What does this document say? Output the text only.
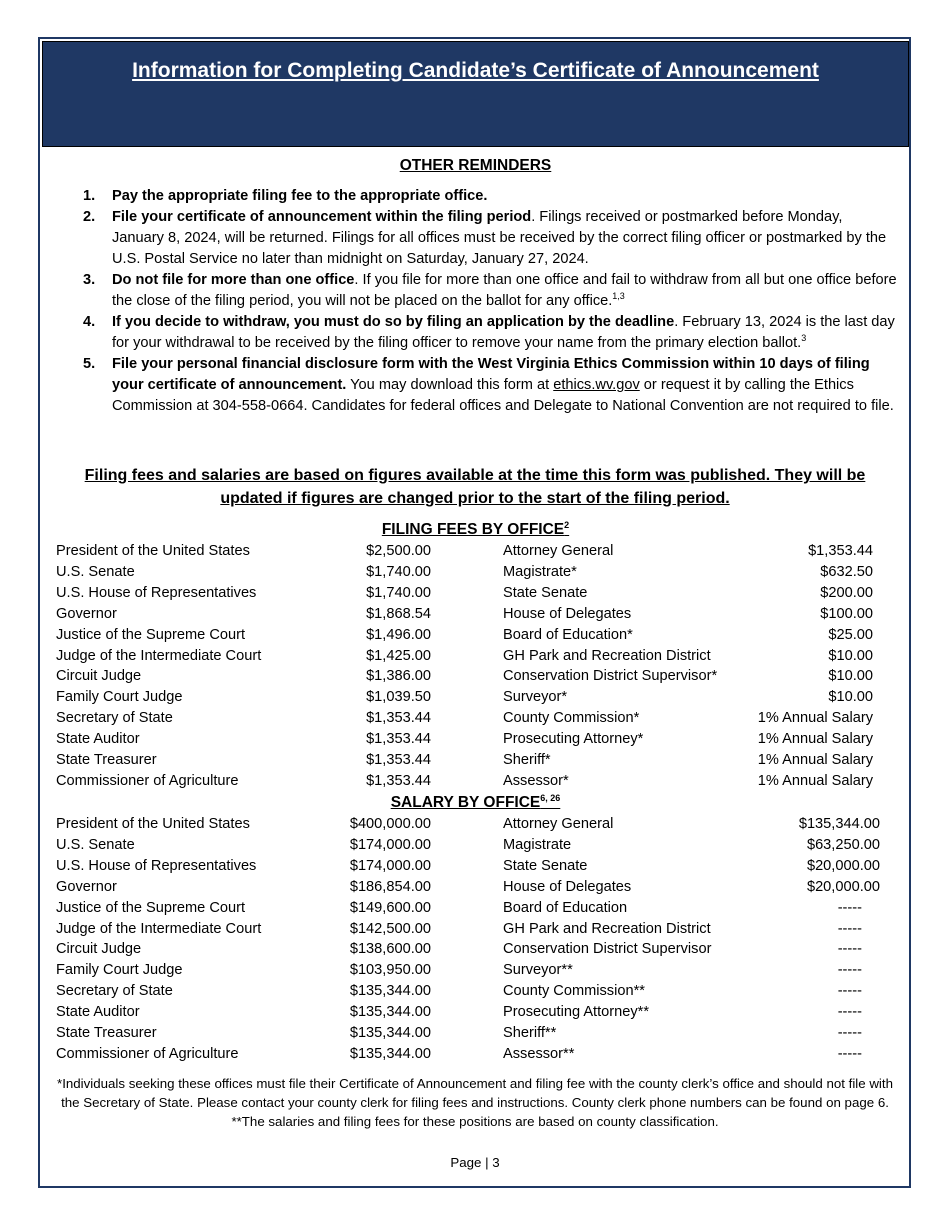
Information for Completing Candidate’s Certificate of Announcement
OTHER REMINDERS
1. Pay the appropriate filing fee to the appropriate office.
2. File your certificate of announcement within the filing period. Filings received or postmarked before Monday, January 8, 2024, will be returned. Filings for all offices must be received by the correct filing officer or postmarked by the U.S. Postal Service no later than midnight on Saturday, January 27, 2024.
3. Do not file for more than one office. If you file for more than one office and fail to withdraw from all but one office before the close of the filing period, you will not be placed on the ballot for any office.$^{1,3}$
4. If you decide to withdraw, you must do so by filing an application by the deadline. February 13, 2024 is the last day for your withdrawal to be received by the filing officer to remove your name from the primary election ballot.$^3$
5. File your personal financial disclosure form with the West Virginia Ethics Commission within 10 days of filing your certificate of announcement. You may download this form at ethics.wv.gov or request it by calling the Ethics Commission at 304-558-0664. Candidates for federal offices and Delegate to National Convention are not required to file.
Filing fees and salaries are based on figures available at the time this form was published. They will be updated if figures are changed prior to the start of the filing period.
FILING FEES BY OFFICE$^2$
President of the United States	$2,500.00	Attorney General	$1,353.44
U.S. Senate	$1,740.00	Magistrate*	$632.50
U.S. House of Representatives	$1,740.00	State Senate	$200.00
Governor	$1,868.54	House of Delegates	$100.00
Justice of the Supreme Court	$1,496.00	Board of Education*	$25.00
Judge of the Intermediate Court	$1,425.00	GH Park and Recreation District	$10.00
Circuit Judge	$1,386.00	Conservation District Supervisor*	$10.00
Family Court Judge	$1,039.50	Surveyor*	$10.00
Secretary of State	$1,353.44	County Commission*	1% Annual Salary
State Auditor	$1,353.44	Prosecuting Attorney*	1% Annual Salary
State Treasurer	$1,353.44	Sheriff*	1% Annual Salary
Commissioner of Agriculture	$1,353.44	Assessor*	1% Annual Salary
SALARY BY OFFICE$^{6, 26}$
President of the United States	$400,000.00	Attorney General	$135,344.00
U.S. Senate	$174,000.00	Magistrate	$63,250.00
U.S. House of Representatives	$174,000.00	State Senate	$20,000.00
Governor	$186,854.00	House of Delegates	$20,000.00
Justice of the Supreme Court	$149,600.00	Board of Education	-----
Judge of the Intermediate Court	$142,500.00	GH Park and Recreation District	-----
Circuit Judge	$138,600.00	Conservation District Supervisor	-----
Family Court Judge	$103,950.00	Surveyor**	-----
Secretary of State	$135,344.00	County Commission**	-----
State Auditor	$135,344.00	Prosecuting Attorney**	-----
State Treasurer	$135,344.00	Sheriff**	-----
Commissioner of Agriculture	$135,344.00	Assessor**	-----
*Individuals seeking these offices must file their Certificate of Announcement and filing fee with the county clerk’s office and should not file with the Secretary of State. Please contact your county clerk for filing fees and instructions. County clerk phone numbers can be found on page 6. **The salaries and filing fees for these positions are based on county classification.
Page | 3
